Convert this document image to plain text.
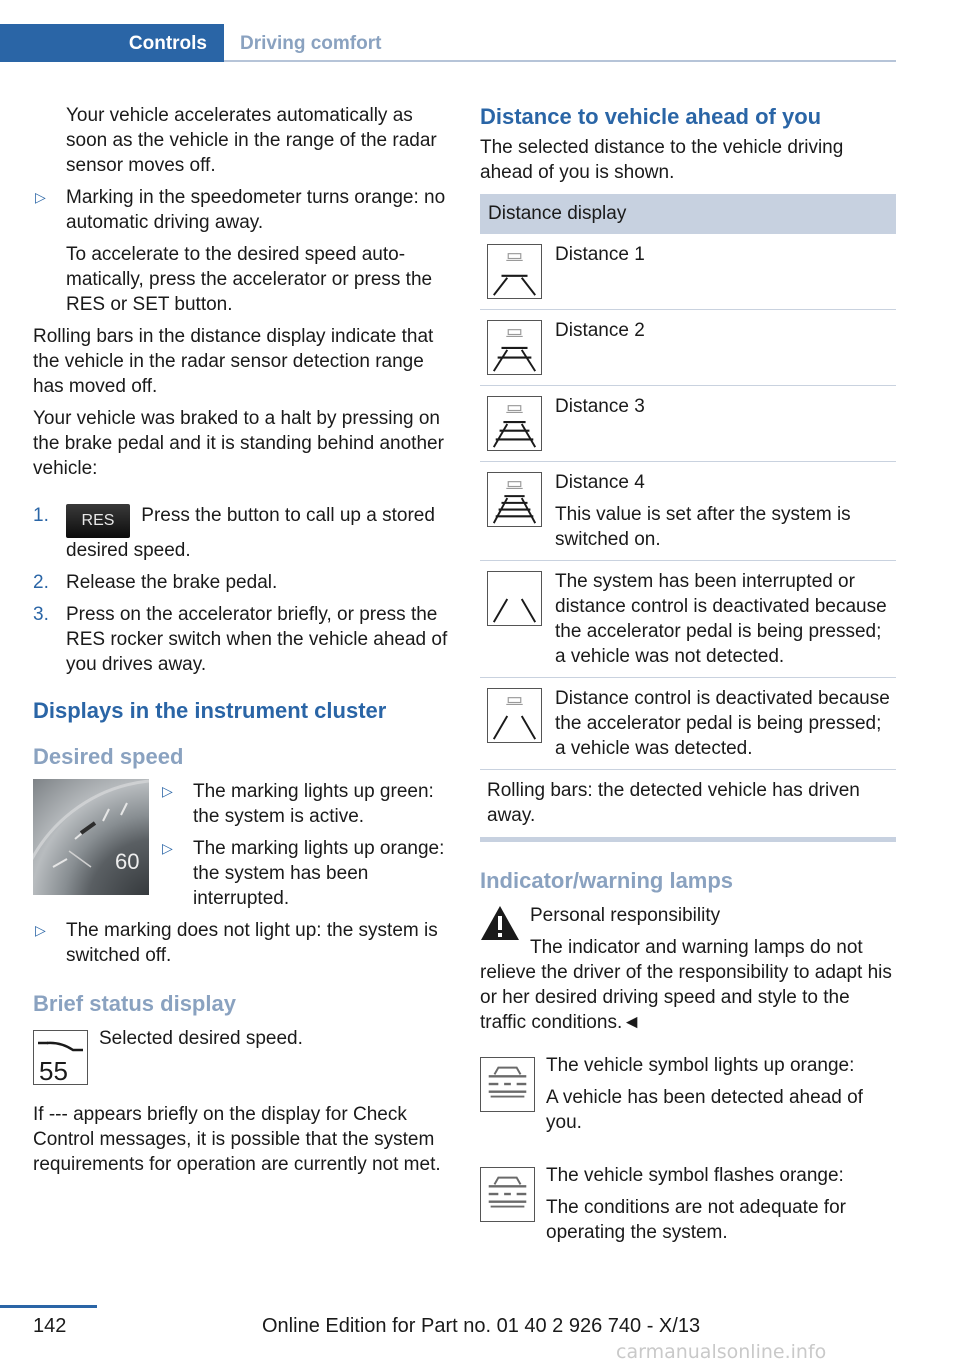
Controls	Driving comfort

Your vehicle accelerates automatically as soon as the vehicle in the range of the radar sensor moves off.

▷ Marking in the speedometer turns orange: no automatic driving away.

To accelerate to the desired speed automatically, press the accelerator or press the RES or SET button.

Rolling bars in the distance display indicate that the vehicle in the radar sensor detection range has moved off.

Your vehicle was braked to a halt by pressing on the brake pedal and it is standing behind another vehicle:

1. RES Press the button to call up a stored desired speed.
2. Release the brake pedal.
3. Press on the accelerator briefly, or press the RES rocker switch when the vehicle ahead of you drives away.
Displays in the instrument cluster
Desired speed
60
▷ The marking lights up green: the system is active.
▷ The marking lights up orange: the system has been interrupted.
▷ The marking does not light up: the system is switched off.
Brief status display
55

Selected desired speed.

If --- appears briefly on the display for Check Control messages, it is possible that the system requirements for operation are currently not met.

Distance to vehicle ahead of you

The selected distance to the vehicle driving ahead of you is shown.

Distance display
Distance 1
Distance 2
Distance 3

Distance 4

This value is set after the system is switched on.

The system has been interrupted or distance control is deactivated because the accelerator pedal is being pressed; a vehicle was not detected.
Distance control is deactivated because the accelerator pedal is being pressed; a vehicle was detected.
Rolling bars: the detected vehicle has driven away.
Indicator/warning lamps

Personal responsibility

The indicator and warning lamps do not

relieve the driver of the responsibility to adapt his or her desired driving speed and style to the traffic conditions.◄

The vehicle symbol lights up orange:

A vehicle has been detected ahead of you.

The vehicle symbol flashes orange:

The conditions are not adequate for operating the system.

142	Online Edition for Part no. 01 40 2 926 740 - X/13
carmanualsonline.info
